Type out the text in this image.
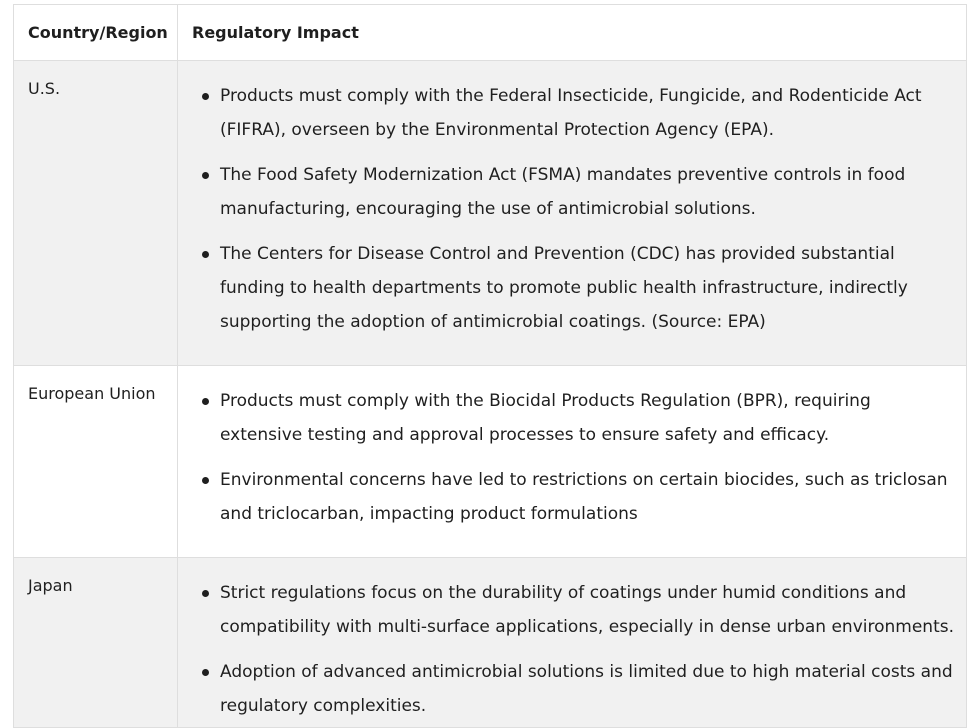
Country/Region	Regulatory Impact
U.S.	Products must comply with the Federal Insecticide, Fungicide, and Rodenticide Act (FIFRA), overseen by the Environmental Protection Agency (EPA).
The Food Safety Modernization Act (FSMA) mandates preventive controls in food manufacturing, encouraging the use of antimicrobial solutions.
The Centers for Disease Control and Prevention (CDC) has provided substantial funding to health departments to promote public health infrastructure, indirectly supporting the adoption of antimicrobial coatings. (Source: EPA)
European Union	Products must comply with the Biocidal Products Regulation (BPR), requiring extensive testing and approval processes to ensure safety and efficacy.
Environmental concerns have led to restrictions on certain biocides, such as triclosan and triclocarban, impacting product formulations
Japan	Strict regulations focus on the durability of coatings under humid conditions and compatibility with multi-surface applications, especially in dense urban environments.
Adoption of advanced antimicrobial solutions is limited due to high material costs and regulatory complexities.
